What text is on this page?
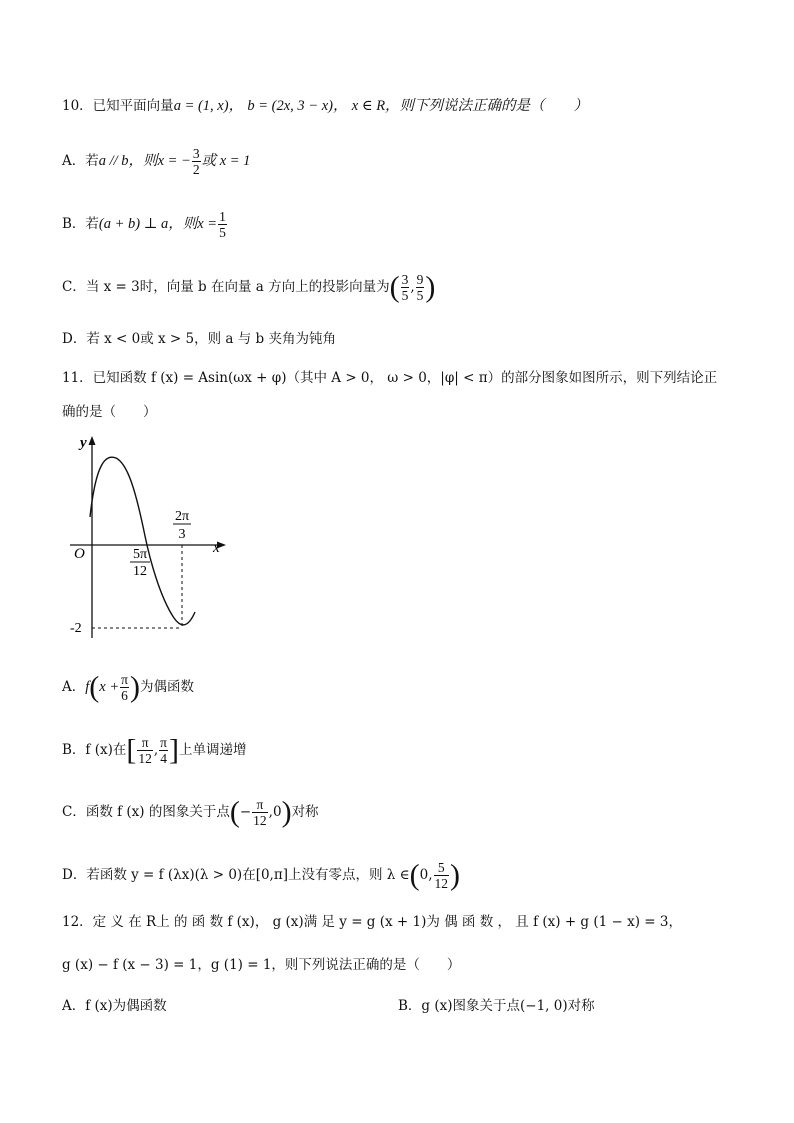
10．已知平面向量a = (1, x)， b = (2x, 3 − x)， x ∈ R，则下列说法正确的是（　　）
A．若a // b，则x = − $\frac{3}{2}$ 或 x = 1
B．若(a + b) ⊥ a，则$x = \frac{1}{5}$
C．当 x = 3时，向量 b 在向量 a 方向上的投影向量为( $\frac{3}{5}$ , $\frac{9}{5}$ )
D．若 x < 0或 x > 5，则 a 与 b 夹角为钝角
11．已知函数 f (x) = Asin(ωx + φ)（其中 A > 0， ω > 0，|φ| < π）的部分图象如图所示，则下列结论正
确的是（　　）
y
x
O	5π
12
2π
3
-2
A．$f(x + \frac{\pi}{6}$ )为偶函数
B．f (x)在[ $\frac{\pi}{12}$ , $\frac{\pi}{4}$ ]上单调递增
C．函数 f (x) 的图象关于点(− $\frac{\pi}{12} ,0$)对称
D．若函数 y = f (λx)(λ > 0)在[0,π]上没有零点，则 λ ∈(0, $\frac{5}{12}$ )
12．定 义 在 R上 的 函 数 f (x)， g (x)满 足 y = g (x + 1)为 偶 函 数 ， 且 f (x) + g (1 − x) = 3，
g (x) − f (x − 3) = 1，g (1) = 1，则下列说法正确的是（　　）
A．f (x)为偶函数	B．g (x)图象关于点(−1, 0)对称
